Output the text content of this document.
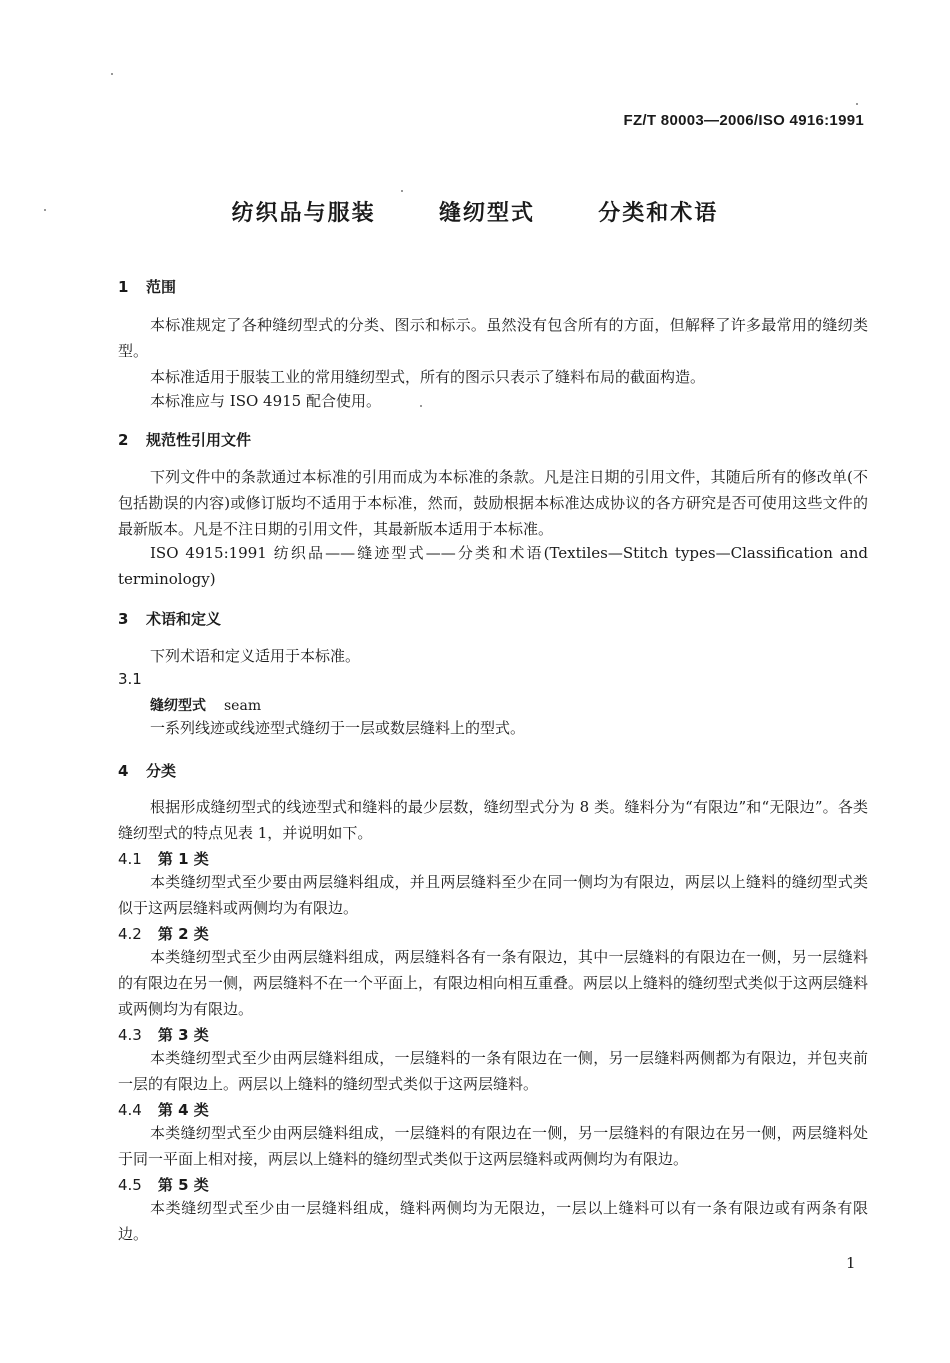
FZ/T 80003—2006/ISO 4916:1991
纺织品与服装  缝纫型式  分类和术语
1 范围
本标准规定了各种缝纫型式的分类、图示和标示。虽然没有包含所有的方面，但解释了许多最常用的缝纫类型。
本标准适用于服装工业的常用缝纫型式，所有的图示只表示了缝料布局的截面构造。
本标准应与 ISO 4915 配合使用。
2 规范性引用文件
下列文件中的条款通过本标准的引用而成为本标准的条款。凡是注日期的引用文件，其随后所有的修改单(不包括勘误的内容)或修订版均不适用于本标准，然而，鼓励根据本标准达成协议的各方研究是否可使用这些文件的最新版本。凡是不注日期的引用文件，其最新版本适用于本标准。
ISO 4915:1991 纺织品——缝迹型式——分类和术语(Textiles—Stitch types—Classification and terminology)
3 术语和定义
下列术语和定义适用于本标准。
3.1
缝纫型式 seam
一系列线迹或线迹型式缝纫于一层或数层缝料上的型式。
4 分类
根据形成缝纫型式的线迹型式和缝料的最少层数，缝纫型式分为 8 类。缝料分为“有限边”和“无限边”。各类缝纫型式的特点见表 1，并说明如下。
4.1 第 1 类
本类缝纫型式至少要由两层缝料组成，并且两层缝料至少在同一侧均为有限边，两层以上缝料的缝纫型式类似于这两层缝料或两侧均为有限边。
4.2 第 2 类
本类缝纫型式至少由两层缝料组成，两层缝料各有一条有限边，其中一层缝料的有限边在一侧，另一层缝料的有限边在另一侧，两层缝料不在一个平面上，有限边相向相互重叠。两层以上缝料的缝纫型式类似于这两层缝料或两侧均为有限边。
4.3 第 3 类
本类缝纫型式至少由两层缝料组成，一层缝料的一条有限边在一侧，另一层缝料两侧都为有限边，并包夹前一层的有限边上。两层以上缝料的缝纫型式类似于这两层缝料。
4.4 第 4 类
本类缝纫型式至少由两层缝料组成，一层缝料的有限边在一侧，另一层缝料的有限边在另一侧，两层缝料处于同一平面上相对接，两层以上缝料的缝纫型式类似于这两层缝料或两侧均为有限边。
4.5 第 5 类
本类缝纫型式至少由一层缝料组成，缝料两侧均为无限边，一层以上缝料可以有一条有限边或有两条有限边。
1
